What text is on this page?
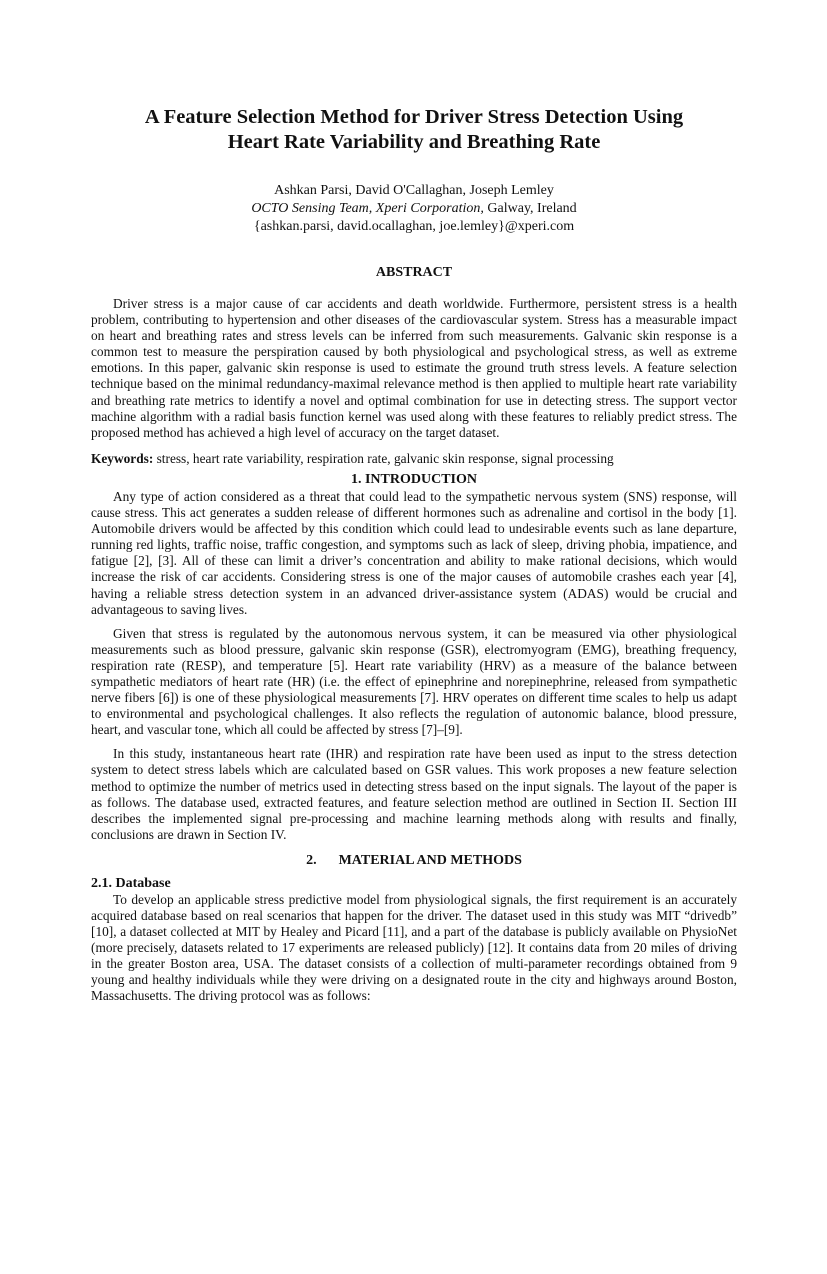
A Feature Selection Method for Driver Stress Detection Using
Heart Rate Variability and Breathing Rate
Ashkan Parsi, David O'Callaghan, Joseph Lemley
OCTO Sensing Team, Xperi Corporation, Galway, Ireland
{ashkan.parsi, david.ocallaghan, joe.lemley}@xperi.com
ABSTRACT

Driver stress is a major cause of car accidents and death worldwide. Furthermore, persistent stress is a health problem, contributing to hypertension and other diseases of the cardiovascular system. Stress has a measurable impact on heart and breathing rates and stress levels can be inferred from such measurements. Galvanic skin response is a common test to measure the perspiration caused by both physiological and psychological stress, as well as extreme emotions. In this paper, galvanic skin response is used to estimate the ground truth stress levels. A feature selection technique based on the minimal redundancy-maximal relevance method is then applied to multiple heart rate variability and breathing rate metrics to identify a novel and optimal combination for use in detecting stress. The support vector machine algorithm with a radial basis function kernel was used along with these features to reliably predict stress. The proposed method has achieved a high level of accuracy on the target dataset.

Keywords: stress, heart rate variability, respiration rate, galvanic skin response, signal processing

1. INTRODUCTION

Any type of action considered as a threat that could lead to the sympathetic nervous system (SNS) response, will cause stress. This act generates a sudden release of different hormones such as adrenaline and cortisol in the body [1]. Automobile drivers would be affected by this condition which could lead to undesirable events such as lane departure, running red lights, traffic noise, traffic congestion, and symptoms such as lack of sleep, driving phobia, impatience, and fatigue [2], [3]. All of these can limit a driver’s concentration and ability to make rational decisions, which would increase the risk of car accidents. Considering stress is one of the major causes of automobile crashes each year [4], having a reliable stress detection system in an advanced driver-assistance system (ADAS) would be crucial and advantageous to saving lives.

Given that stress is regulated by the autonomous nervous system, it can be measured via other physiological measurements such as blood pressure, galvanic skin response (GSR), electromyogram (EMG), breathing frequency, respiration rate (RESP), and temperature [5]. Heart rate variability (HRV) as a measure of the balance between sympathetic mediators of heart rate (HR) (i.e. the effect of epinephrine and norepinephrine, released from sympathetic nerve fibers [6]) is one of these physiological measurements [7]. HRV operates on different time scales to help us adapt to environmental and psychological challenges. It also reflects the regulation of autonomic balance, blood pressure, heart, and vascular tone, which all could be affected by stress [7]–[9].

In this study, instantaneous heart rate (IHR) and respiration rate have been used as input to the stress detection system to detect stress labels which are calculated based on GSR values. This work proposes a new feature selection method to optimize the number of metrics used in detecting stress based on the input signals. The layout of the paper is as follows. The database used, extracted features, and feature selection method are outlined in Section II. Section III describes the implemented signal pre-processing and machine learning methods along with results and finally, conclusions are drawn in Section IV.

2. MATERIAL AND METHODS
2.1. Database

To develop an applicable stress predictive model from physiological signals, the first requirement is an accurately acquired database based on real scenarios that happen for the driver. The dataset used in this study was MIT “drivedb” [10], a dataset collected at MIT by Healey and Picard [11], and a part of the database is publicly available on PhysioNet (more precisely, datasets related to 17 experiments are released publicly) [12]. It contains data from 20 miles of driving in the greater Boston area, USA. The dataset consists of a collection of multi-parameter recordings obtained from 9 young and healthy individuals while they were driving on a designated route in the city and highways around Boston, Massachusetts. The driving protocol was as follows:
